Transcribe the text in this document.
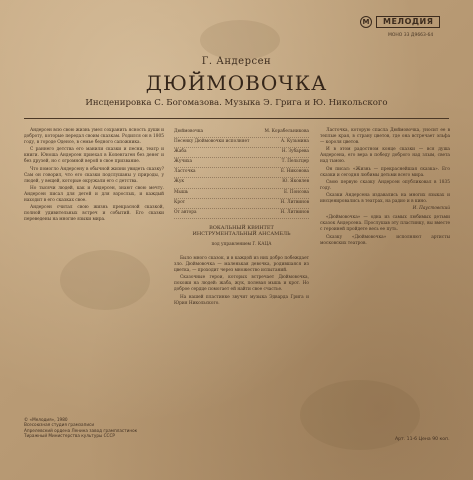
М	МЕЛОДИЯ
МОНО 33 Д9663-64
Г. Андерсен
ДЮЙМОВОЧКА
Инсценировка С. Богомазова. Музыка Э. Грига и Ю. Никольского

Андерсен всю свою жизнь умел сохранить ясность души и доброту, которые передал своим сказкам. Родился он в 1805 году, в городе Оденсе, в семье бедного сапожника.

С раннего детства его манили сказки и песни, театр и книги. Юноша Андерсен приехал в Копенгаген без денег и без друзей, но с огромной верой в свое призвание.

Что помогло Андерсену в обычной жизни увидеть сказку? Сам он говорил, что его сказки подслушаны у природы, у людей, у вещей, которые окружали его с детства.

Но тысячи людей, как и Андерсен, знают свою мечту. Андерсен писал для детей и для взрослых, и каждый находит в его сказках свое.

Андерсен считал свою жизнь прекрасной сказкой, полной удивительных встреч и событий. Его сказки переведены на многие языки мира.

Дюймовочка	М. Корабельникова
Песенку Дюймовочки исполняет	А. Кузьмина
Жаба	Н. Зубарева
Жучиха	Т. Пельтцер
Ласточка	Е. Никонова
Жук	Ю. Яковлев
Мышь	Е. Понсова
Крот	Н. Литвинов
От автора	Н. Литвинов
ВОКАЛЬНЫЙ КВИНТЕТ
ИНСТРУМЕНТАЛЬНЫЙ АНСАМБЛЬ
под управлением Г. КАЦА

Было много сказок, и в каждой из них добро побеждает зло. Дюймовочка — маленькая девочка, родившаяся из цветка, — проходит через множество испытаний.

Сказочные герои, которых встречает Дюймовочка, похожи на людей: жаба, жук, полевая мышь и крот. Но доброе сердце помогает ей найти свое счастье.

На нашей пластинке звучит музыка Эдварда Грига и Юрия Никольского.

Ласточка, которую спасла Дюймовочка, уносит ее в теплые края, в страну цветов, где она встречает эльфа — короля цветов.

И в этом радостном конце сказки — вся душа Андерсена, его вера в победу доброго над злым, света над тьмою.

Он писал: «Жизнь — прекраснейшая сказка». Его сказки и сегодня любимы детьми всего мира.

Свою первую сказку Андерсен опубликовал в 1835 году.

Сказки Андерсена издавались на многих языках и инсценировались в театрах, на радио и в кино.

И. Паустовский

«Дюймовочка» — одна из самых любимых детьми сказок Андерсена. Прослушав эту пластинку, вы вместе с героиней пройдете весь ее путь.

Сказку «Дюймовочка» исполняют артисты московских театров.

© «Мелодия», 1980
Всесоюзная студия грамзаписи
Апрелевский ордена Ленина завод грампластинок
Тиражный Министерства культуры СССР
Арт. 11-6 Цена 90 коп.
